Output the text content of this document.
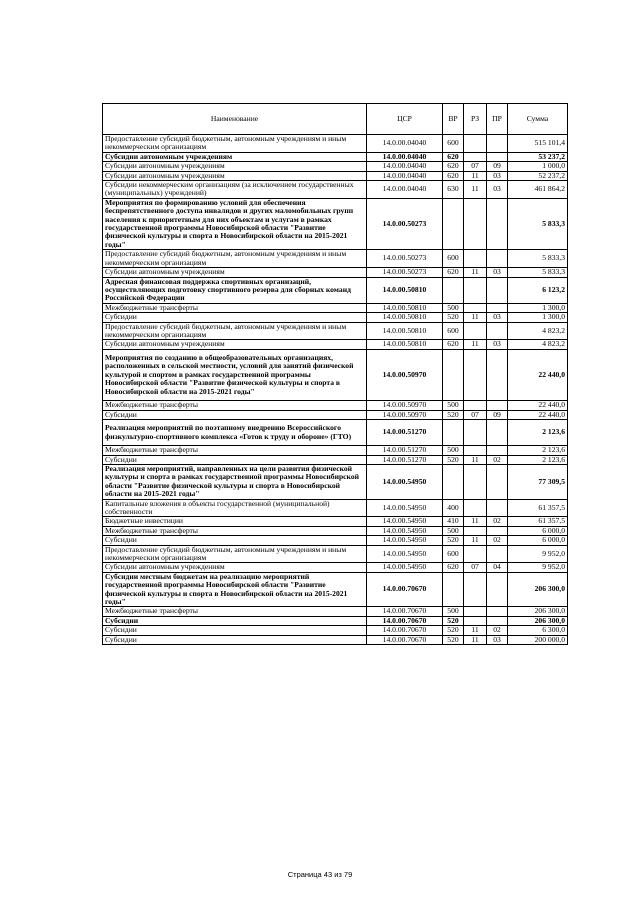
Наименование	ЦСР	ВР	РЗ	ПР	Сумма
Предоставление субсидий бюджетным, автономным учреждениям и иным некоммерческим организациям	14.0.00.04040	600			515 101,4
Субсидии автономным учреждениям	14.0.00.04040	620			53 237,2
Субсидии автономным учреждениям	14.0.00.04040	620	07	09	1 000,0
Субсидии автономным учреждениям	14.0.00.04040	620	11	03	52 237,2
Субсидии некоммерческим организациям (за исключением государственных (муниципальных) учреждений)	14.0.00.04040	630	11	03	461 864,2
Мероприятия по формированию условий для обеспечения беспрепятственного доступа инвалидов и других маломобильных групп населения к приоритетным для них объектам и услугам в рамках государственной программы Новосибирской области "Развитие физической культуры и спорта в Новосибирской области на 2015-2021 годы"	14.0.00.50273				5 833,3
Предоставление субсидий бюджетным, автономным учреждениям и иным некоммерческим организациям	14.0.00.50273	600			5 833,3
Субсидии автономным учреждениям	14.0.00.50273	620	11	03	5 833,3
Адресная финансовая поддержка спортивных организаций, осуществляющих подготовку спортивного резерва для сборных команд Российской Федерации	14.0.00.50810				6 123,2
Межбюджетные трансферты	14.0.00.50810	500			1 300,0
Субсидии	14.0.00.50810	520	11	03	1 300,0
Предоставление субсидий бюджетным, автономным учреждениям и иным некоммерческим организациям	14.0.00.50810	600			4 823,2
Субсидии автономным учреждениям	14.0.00.50810	620	11	03	4 823,2
Мероприятия по созданию в общеобразовательных организациях, расположенных в сельской местности, условий для занятий физической культурой и спортом в рамках государственной программы Новосибирской области "Развитие физической культуры и спорта в Новосибирской области на 2015-2021 годы"	14.0.00.50970				22 440,0
Межбюджетные трансферты	14.0.00.50970	500			22 440,0
Субсидии	14.0.00.50970	520	07	09	22 440,0
Реализация мероприятий по поэтапному внедрению Всероссийского физкультурно-спортивного комплекса «Готов к труду и обороне» (ГТО)	14.0.00.51270				2 123,6
Межбюджетные трансферты	14.0.00.51270	500			2 123,6
Субсидии	14.0.00.51270	520	11	02	2 123,6
Реализация мероприятий, направленных на цели развития физической культуры и спорта в рамках государственной программы Новосибирской области "Развитие физической культуры и спорта в Новосибирской области на 2015-2021 годы"	14.0.00.54950				77 309,5
Капитальные вложения в объекты государственной (муниципальной) собственности	14.0.00.54950	400			61 357,5
Бюджетные инвестиции	14.0.00.54950	410	11	02	61 357,5
Межбюджетные трансферты	14.0.00.54950	500			6 000,0
Субсидии	14.0.00.54950	520	11	02	6 000,0
Предоставление субсидий бюджетным, автономным учреждениям и иным некоммерческим организациям	14.0.00.54950	600			9 952,0
Субсидии автономным учреждениям	14.0.00.54950	620	07	04	9 952,0
Субсидии местным бюджетам на реализацию мероприятий государственной программы Новосибирской области "Развитие физической культуры и спорта в Новосибирской области на 2015-2021 годы"	14.0.00.70670				206 300,0
Межбюджетные трансферты	14.0.00.70670	500			206 300,0
Субсидии	14.0.00.70670	520			206 300,0
Субсидии	14.0.00.70670	520	11	02	6 300,0
Субсидии	14.0.00.70670	520	11	03	200 000,0
Страница 43 из 79
